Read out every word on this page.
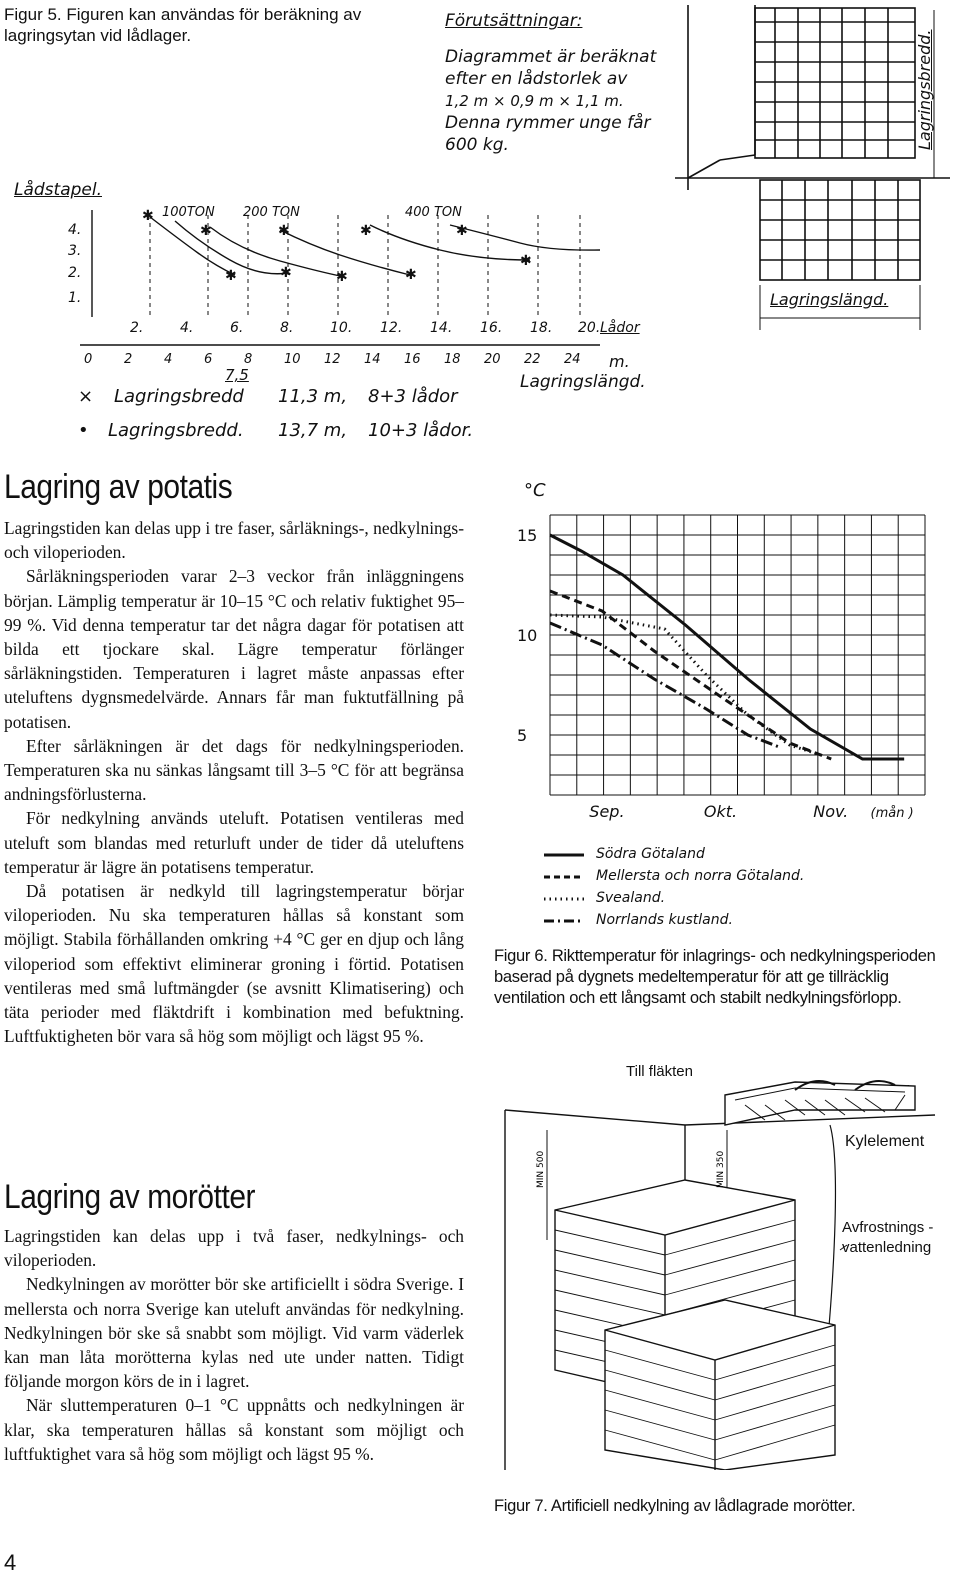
Figur 5. Figuren kan användas för beräkning av lagringsytan vid lådlager.
Förutsättningar:
Diagrammet är beräknat
efter en lådstorlek av
1,2 m × 0,9 m × 1,1 m.
Denna rymmer unge får
600 kg.	Lagringsbredd.
Lagringslängd.
Lådstapel.
100TON 200 TON	400 TON
4.
3.
2.
1.
✱
✱	✱	✱	✱
✱	✱	✱	✱
✱
2.	4.	6.	8.	10. 12. 14. 16. 18. 20. Lådor
0 2 4 6 8 10 12 14 16 18 20 22 24 m.
7,5	Lagringslängd.
× Lagringsbredd 11,3 m, 8+3 lådor
• Lagringsbredd. 13,7 m, 10+3 lådor.
Lagring av potatis

Lagringstiden kan delas upp i tre faser, sårläknings-, nedkylnings- och viloperioden.

Sårläkningsperioden varar 2–3 veckor från inläggningens början. Lämplig temperatur är 10–15 °C och relativ fuktighet 95–99 %. Vid denna temperatur tar det några dagar för potatisen att bilda ett tjockare skal. Lägre temperatur förlänger sårläkningstiden. Temperaturen i lagret måste anpassas efter uteluftens dygnsmedelvärde. Annars får man fuktutfällning på potatisen.

Efter sårläkningen är det dags för nedkylningsperioden. Temperaturen ska nu sänkas långsamt till 3–5 °C för att begränsa andningsförlusterna.

För nedkylning används uteluft. Potatisen ventileras med uteluft som blandas med returluft under de tider då uteluftens temperatur är lägre än potatisens temperatur.

Då potatisen är nedkyld till lagringstemperatur börjar viloperioden. Nu ska temperaturen hållas så konstant som möjligt. Stabila förhållanden omkring +4 °C ger en djup och lång viloperiod som effektivt eliminerar groning i förtid. Potatisen ventileras med små luftmängder (se avsnitt Klimatisering) och täta perioder med fläktdrift i kombination med befuktning. Luftfuktigheten bör vara så hög som möjligt och lägst 95 %.

Lagring av morötter

Lagringstiden kan delas upp i två faser, nedkylnings- och viloperioden.

Nedkylningen av morötter bör ske artificiellt i södra Sverige. I mellersta och norra Sverige kan uteluft användas för nedkylning. Nedkylningen bör ske så snabbt som möjligt. Vid varm väderlek kan man låta morötterna kylas ned ute under natten. Tidigt följande morgon körs de in i lagret.

När sluttemperaturen 0–1 °C uppnåtts och nedkylningen är klar, ska temperaturen hållas så konstant som möjligt och luftfuktighet vara så hög som möjligt och lägst 95 %.

4
°C
15
10
5
Sep.	Okt.	Nov. (mån )
Södra Götaland
Mellersta och norra Götaland.
Svealand.
Norrlands kustland.
Figur 6. Rikttemperatur för inlagrings- och nedkylningsperioden baserad på dygnets medeltemperatur för att ge tillräcklig ventilation och ett långsamt och stabilt nedkylningsförlopp.
Till fläkten
Kylelement
Avfrostnings -
vattenledning
MIN 500	MIN 350
Figur 7. Artificiell nedkylning av lådlagrade morötter.
